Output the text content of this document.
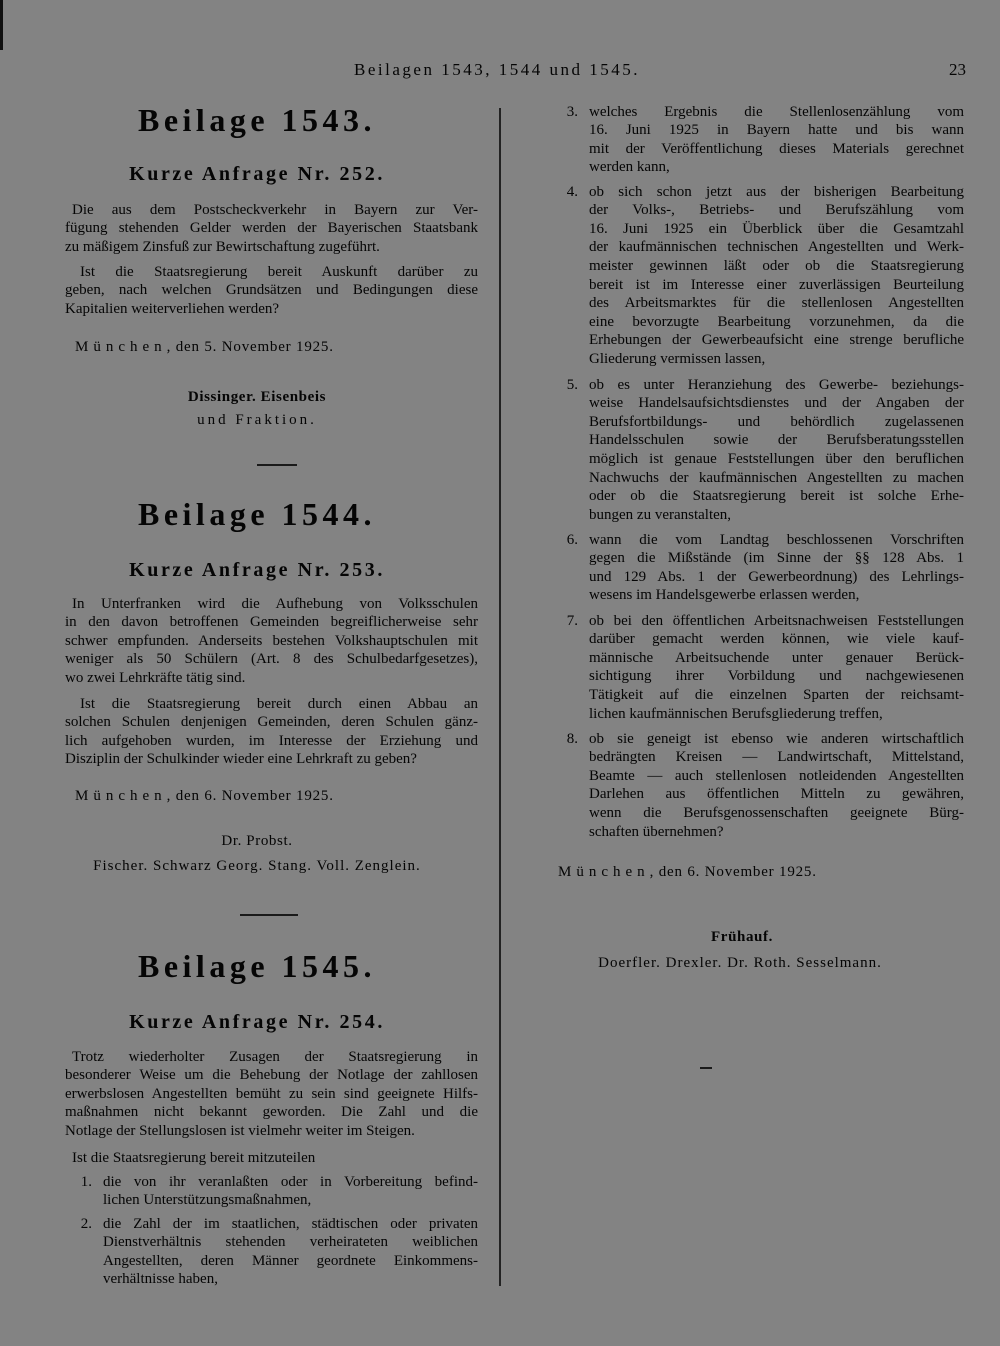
Beilagen 1543, 1544 und 1545.	23
Beilage 1543.
Kurze Anfrage Nr. 252.
Die aus dem Postscheckverkehr in Bayern zur Ver-
fügung stehenden Gelder werden der Bayerischen Staatsbank
zu mäßigem Zinsfuß zur Bewirtschaftung zugeführt.
Ist die Staatsregierung bereit Auskunft darüber zu
geben, nach welchen Grundsätzen und Bedingungen diese
Kapitalien weiterverliehen werden?
München, den 5. November 1925.
Dissinger. Eisenbeis
und Fraktion.
Beilage 1544.
Kurze Anfrage Nr. 253.
In Unterfranken wird die Aufhebung von Volksschulen
in den davon betroffenen Gemeinden begreiflicherweise sehr
schwer empfunden. Anderseits bestehen Volkshauptschulen mit
weniger als 50 Schülern (Art. 8 des Schulbedarfgesetzes),
wo zwei Lehrkräfte tätig sind.
Ist die Staatsregierung bereit durch einen Abbau an
solchen Schulen denjenigen Gemeinden, deren Schulen gänz-
lich aufgehoben wurden, im Interesse der Erziehung und
Disziplin der Schulkinder wieder eine Lehrkraft zu geben?
München, den 6. November 1925.
Dr. Probst.
Fischer. Schwarz Georg. Stang. Voll. Zenglein.
Beilage 1545.
Kurze Anfrage Nr. 254.
Trotz wiederholter Zusagen der Staatsregierung in
besonderer Weise um die Behebung der Notlage der zahllosen
erwerbslosen Angestellten bemüht zu sein sind geeignete Hilfs-
maßnahmen nicht bekannt geworden. Die Zahl und die
Notlage der Stellungslosen ist vielmehr weiter im Steigen.
Ist die Staatsregierung bereit mitzuteilen
1. die von ihr veranlaßten oder in Vorbereitung befind-
lichen Unterstützungsmaßnahmen,
2. die Zahl der im staatlichen, städtischen oder privaten
Dienstverhältnis stehenden verheirateten weiblichen
Angestellten, deren Männer geordnete Einkommens-
verhältnisse haben,
3. welches Ergebnis die Stellenlosenzählung vom
16. Juni 1925 in Bayern hatte und bis wann
mit der Veröffentlichung dieses Materials gerechnet
werden kann,
4. ob sich schon jetzt aus der bisherigen Bearbeitung
der Volks-, Betriebs- und Berufszählung vom
16. Juni 1925 ein Überblick über die Gesamtzahl
der kaufmännischen technischen Angestellten und Werk-
meister gewinnen läßt oder ob die Staatsregierung
bereit ist im Interesse einer zuverlässigen Beurteilung
des Arbeitsmarktes für die stellenlosen Angestellten
eine bevorzugte Bearbeitung vorzunehmen, da die
Erhebungen der Gewerbeaufsicht eine strenge berufliche
Gliederung vermissen lassen,
5. ob es unter Heranziehung des Gewerbe- beziehungs-
weise Handelsaufsichtsdienstes und der Angaben der
Berufsfortbildungs- und behördlich zugelassenen
Handelsschulen sowie der Berufsberatungsstellen
möglich ist genaue Feststellungen über den beruflichen
Nachwuchs der kaufmännischen Angestellten zu machen
oder ob die Staatsregierung bereit ist solche Erhe-
bungen zu veranstalten,
6. wann die vom Landtag beschlossenen Vorschriften
gegen die Mißstände (im Sinne der §§ 128 Abs. 1
und 129 Abs. 1 der Gewerbeordnung) des Lehrlings-
wesens im Handelsgewerbe erlassen werden,
7. ob bei den öffentlichen Arbeitsnachweisen Feststellungen
darüber gemacht werden können, wie viele kauf-
männische Arbeitsuchende unter genauer Berück-
sichtigung ihrer Vorbildung und nachgewiesenen
Tätigkeit auf die einzelnen Sparten der reichsamt-
lichen kaufmännischen Berufsgliederung treffen,
8. ob sie geneigt ist ebenso wie anderen wirtschaftlich
bedrängten Kreisen — Landwirtschaft, Mittelstand,
Beamte — auch stellenlosen notleidenden Angestellten
Darlehen aus öffentlichen Mitteln zu gewähren,
wenn die Berufsgenossenschaften geeignete Bürg-
schaften übernehmen?
München, den 6. November 1925.
Frühauf.
Doerfler. Drexler. Dr. Roth. Sesselmann.
